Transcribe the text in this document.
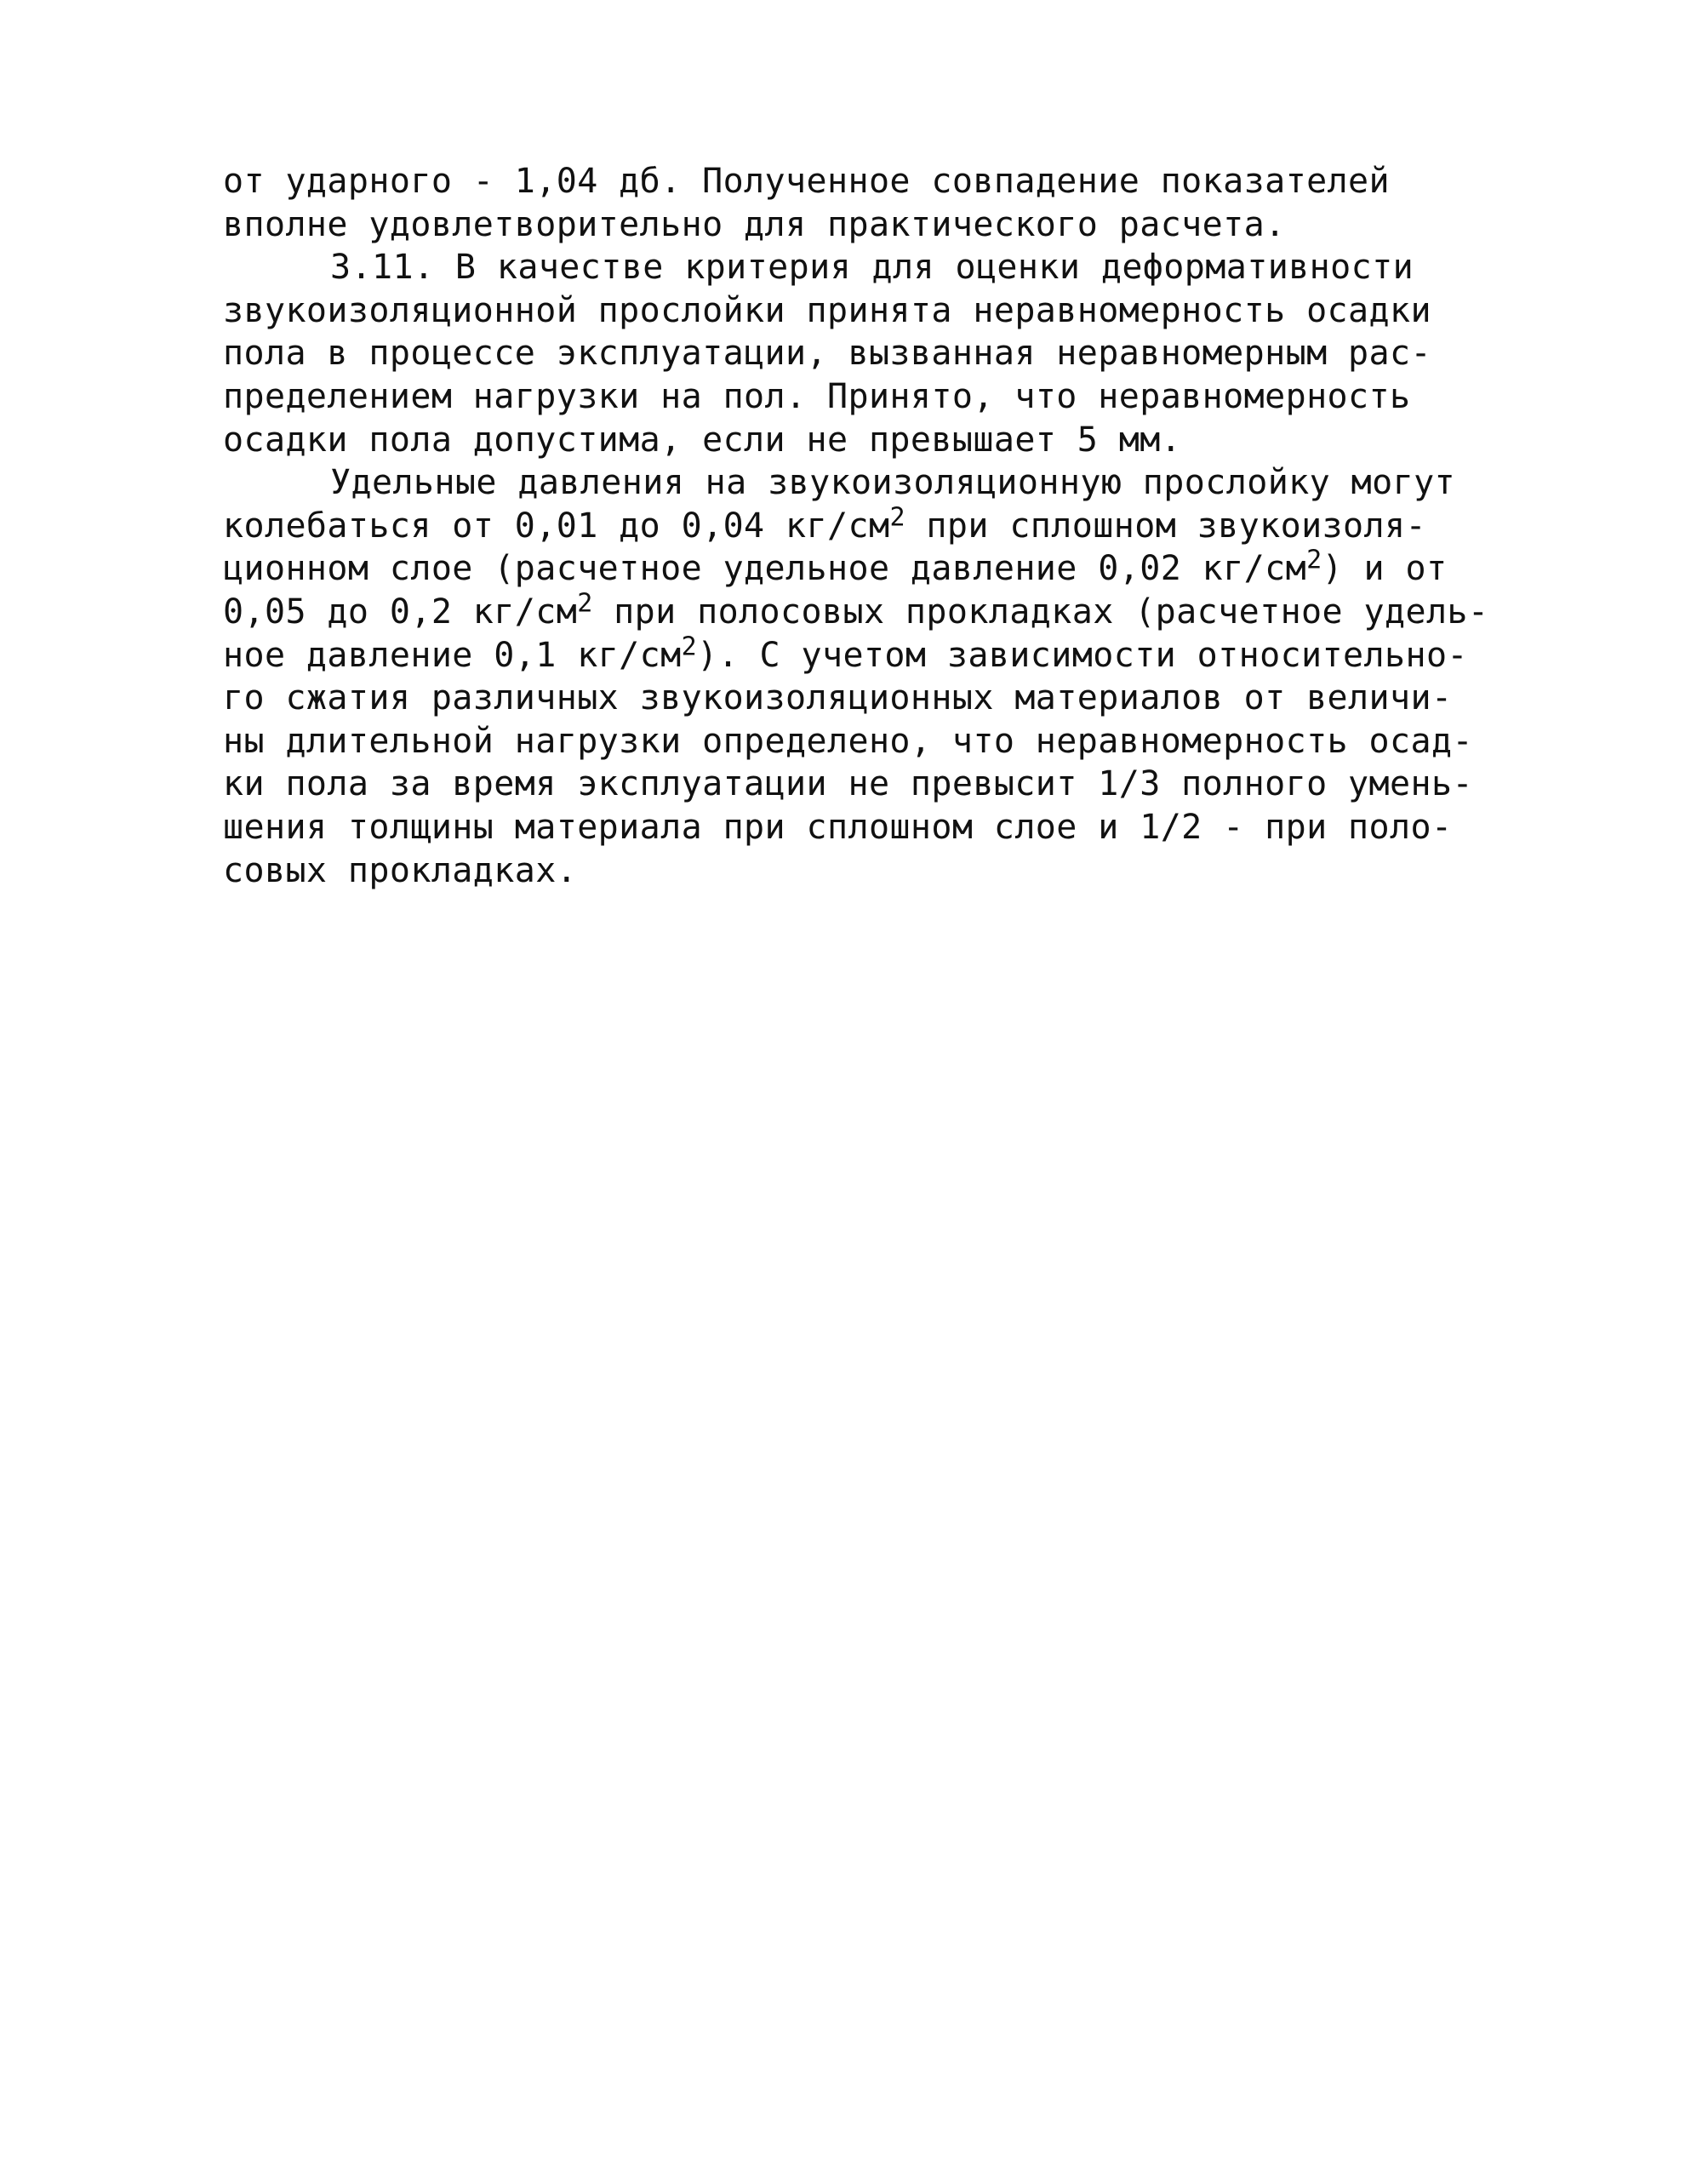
от ударного - 1,04 дб. Полученное совпадение показателей
вполне удовлетворительно для практического расчета.
3.11. В качестве критерия для оценки деформативности
звукоизоляционной прослойки принята неравномерность осадки
пола в процессе эксплуатации, вызванная неравномерным рас-
пределением нагрузки на пол. Принято, что неравномерность
осадки пола допустима, если не превышает 5 мм.
Удельные давления на звукоизоляционную прослойку могут
колебаться от 0,01 до 0,04 $кг/см^2$ при сплошном звукоизоля-
ционном слое (расчетное удельное давление 0,02 $кг/см^2$) и от
0,05 до 0,2 $кг/см^2$ при полосовых прокладках (расчетное удель-
ное давление 0,1 $кг/см^2$). С учетом зависимости относительно-
го сжатия различных звукоизоляционных материалов от величи-
ны длительной нагрузки определено, что неравномерность осад-
ки пола за время эксплуатации не превысит 1/3 полного умень-
шения толщины материала при сплошном слое и 1/2 - при поло-
совых прокладках.
